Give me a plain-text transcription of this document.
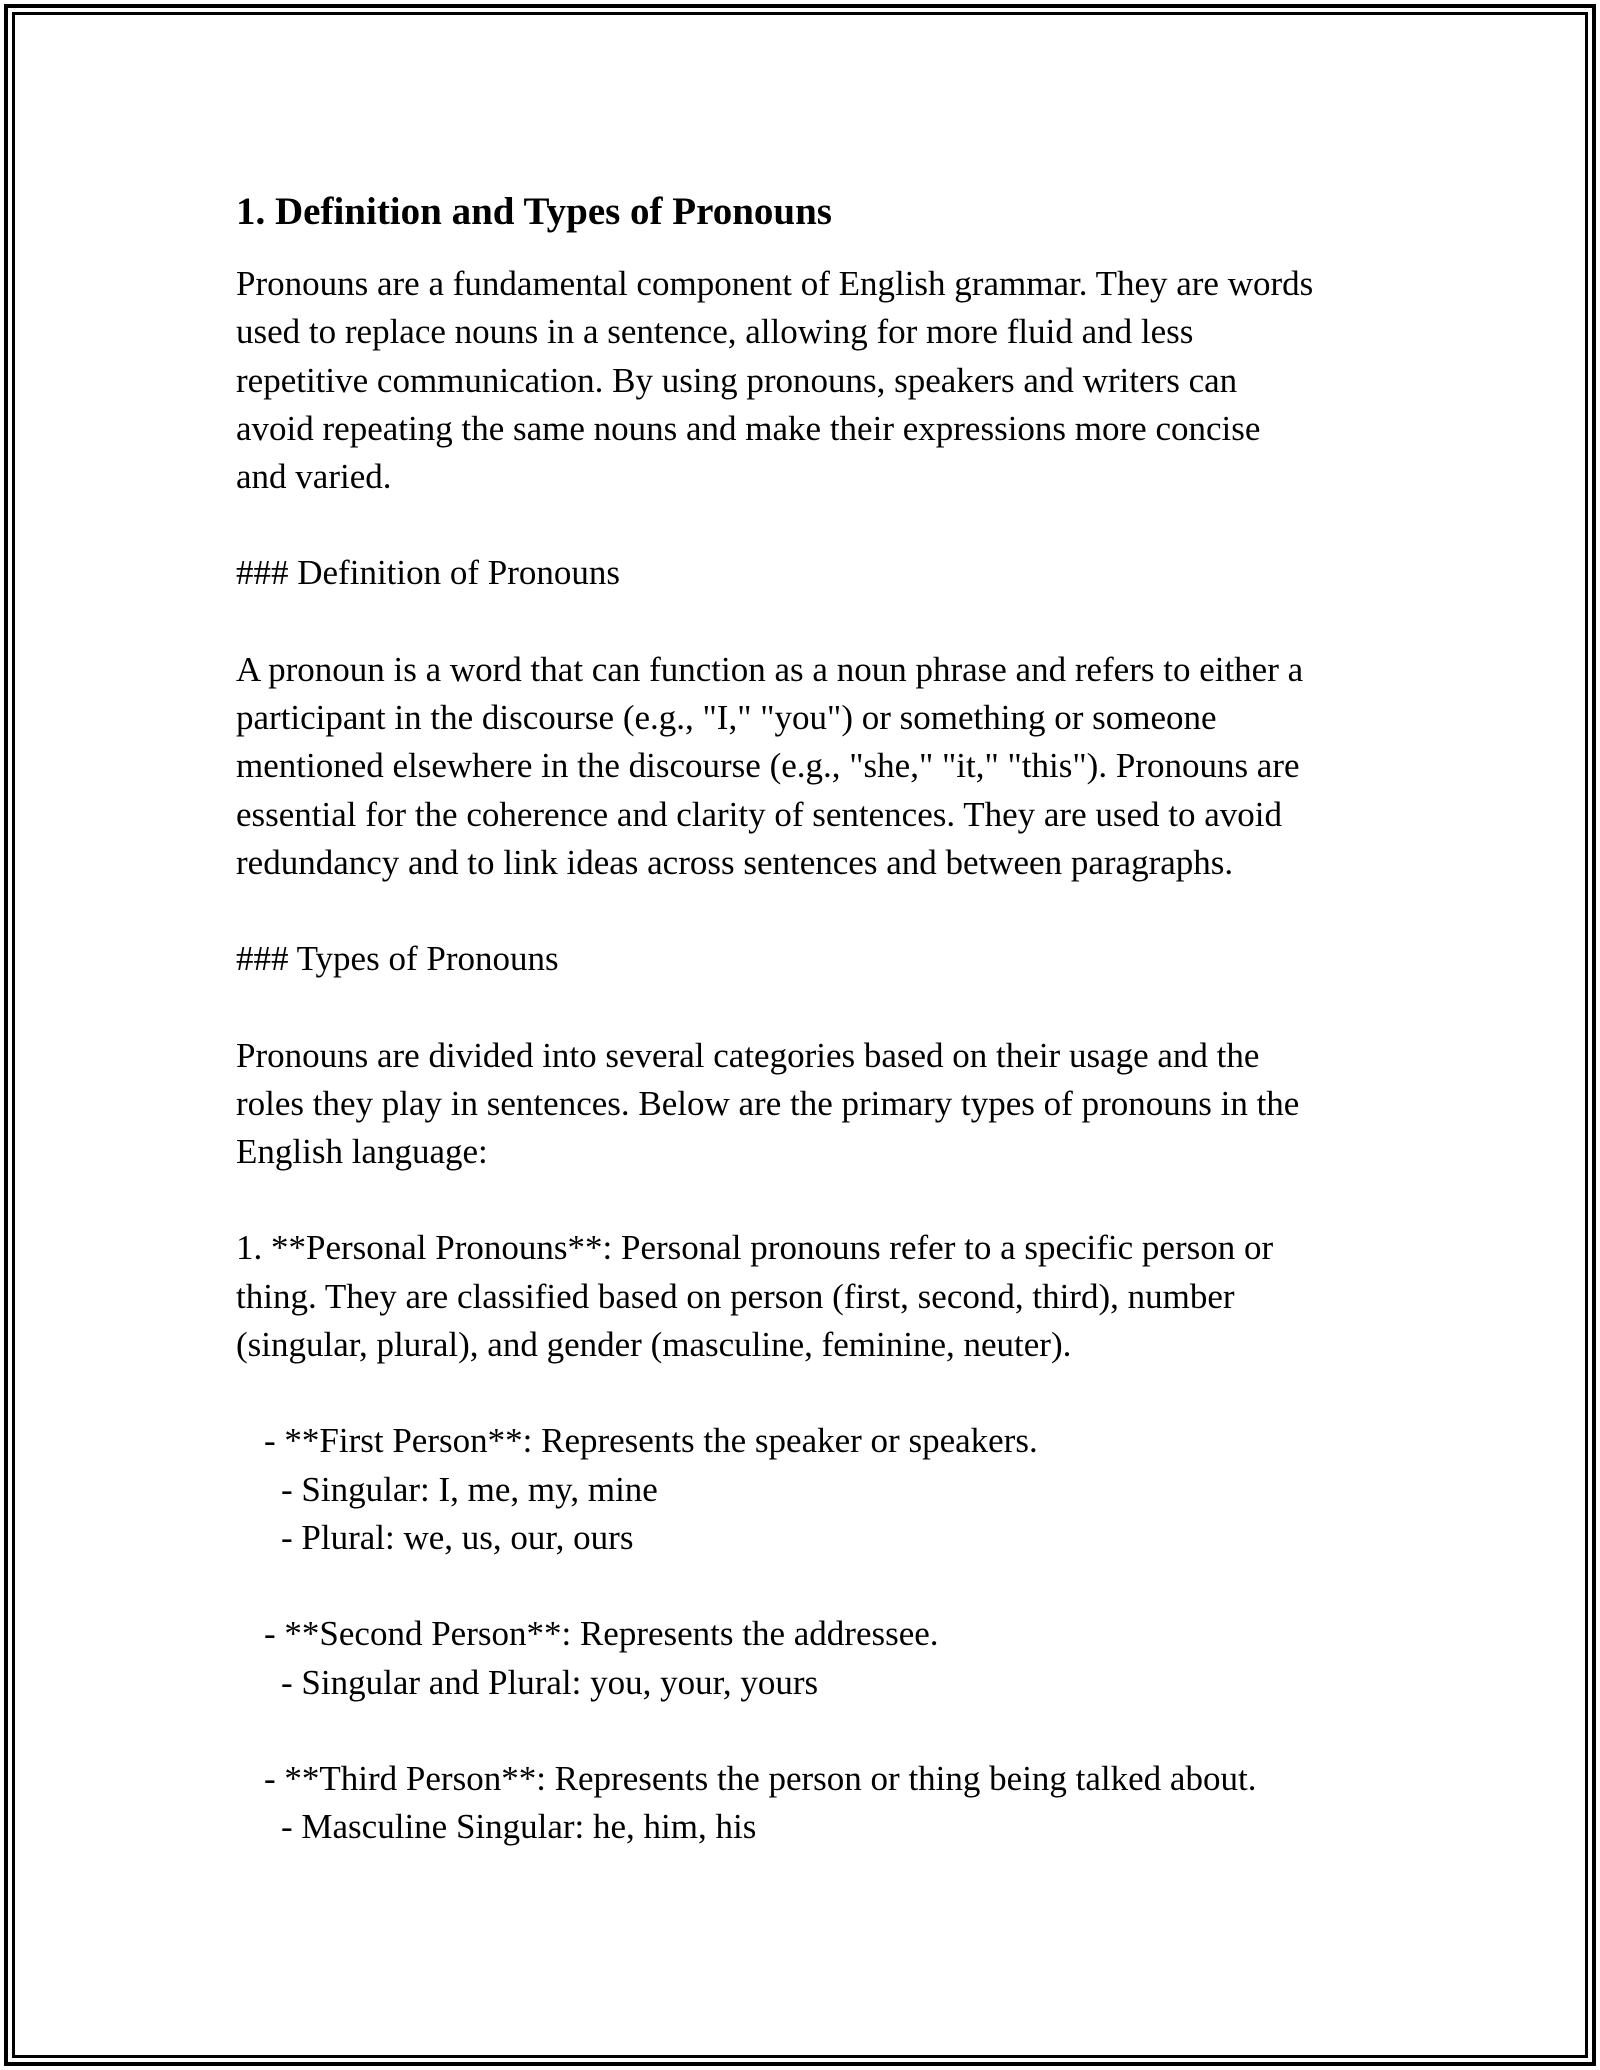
1. Definition and Types of Pronouns

Pronouns are a fundamental component of English grammar. They are words

used to replace nouns in a sentence, allowing for more fluid and less

repetitive communication. By using pronouns, speakers and writers can

avoid repeating the same nouns and make their expressions more concise

and varied.

### Definition of Pronouns

A pronoun is a word that can function as a noun phrase and refers to either a

participant in the discourse (e.g., "I," "you") or something or someone

mentioned elsewhere in the discourse (e.g., "she," "it," "this"). Pronouns are

essential for the coherence and clarity of sentences. They are used to avoid

redundancy and to link ideas across sentences and between paragraphs.

### Types of Pronouns

Pronouns are divided into several categories based on their usage and the

roles they play in sentences. Below are the primary types of pronouns in the

English language:

1. **Personal Pronouns**: Personal pronouns refer to a specific person or

thing. They are classified based on person (first, second, third), number

(singular, plural), and gender (masculine, feminine, neuter).

- **First Person**: Represents the speaker or speakers.

- Singular: I, me, my, mine

- Plural: we, us, our, ours

- **Second Person**: Represents the addressee.

- Singular and Plural: you, your, yours

- **Third Person**: Represents the person or thing being talked about.

- Masculine Singular: he, him, his
